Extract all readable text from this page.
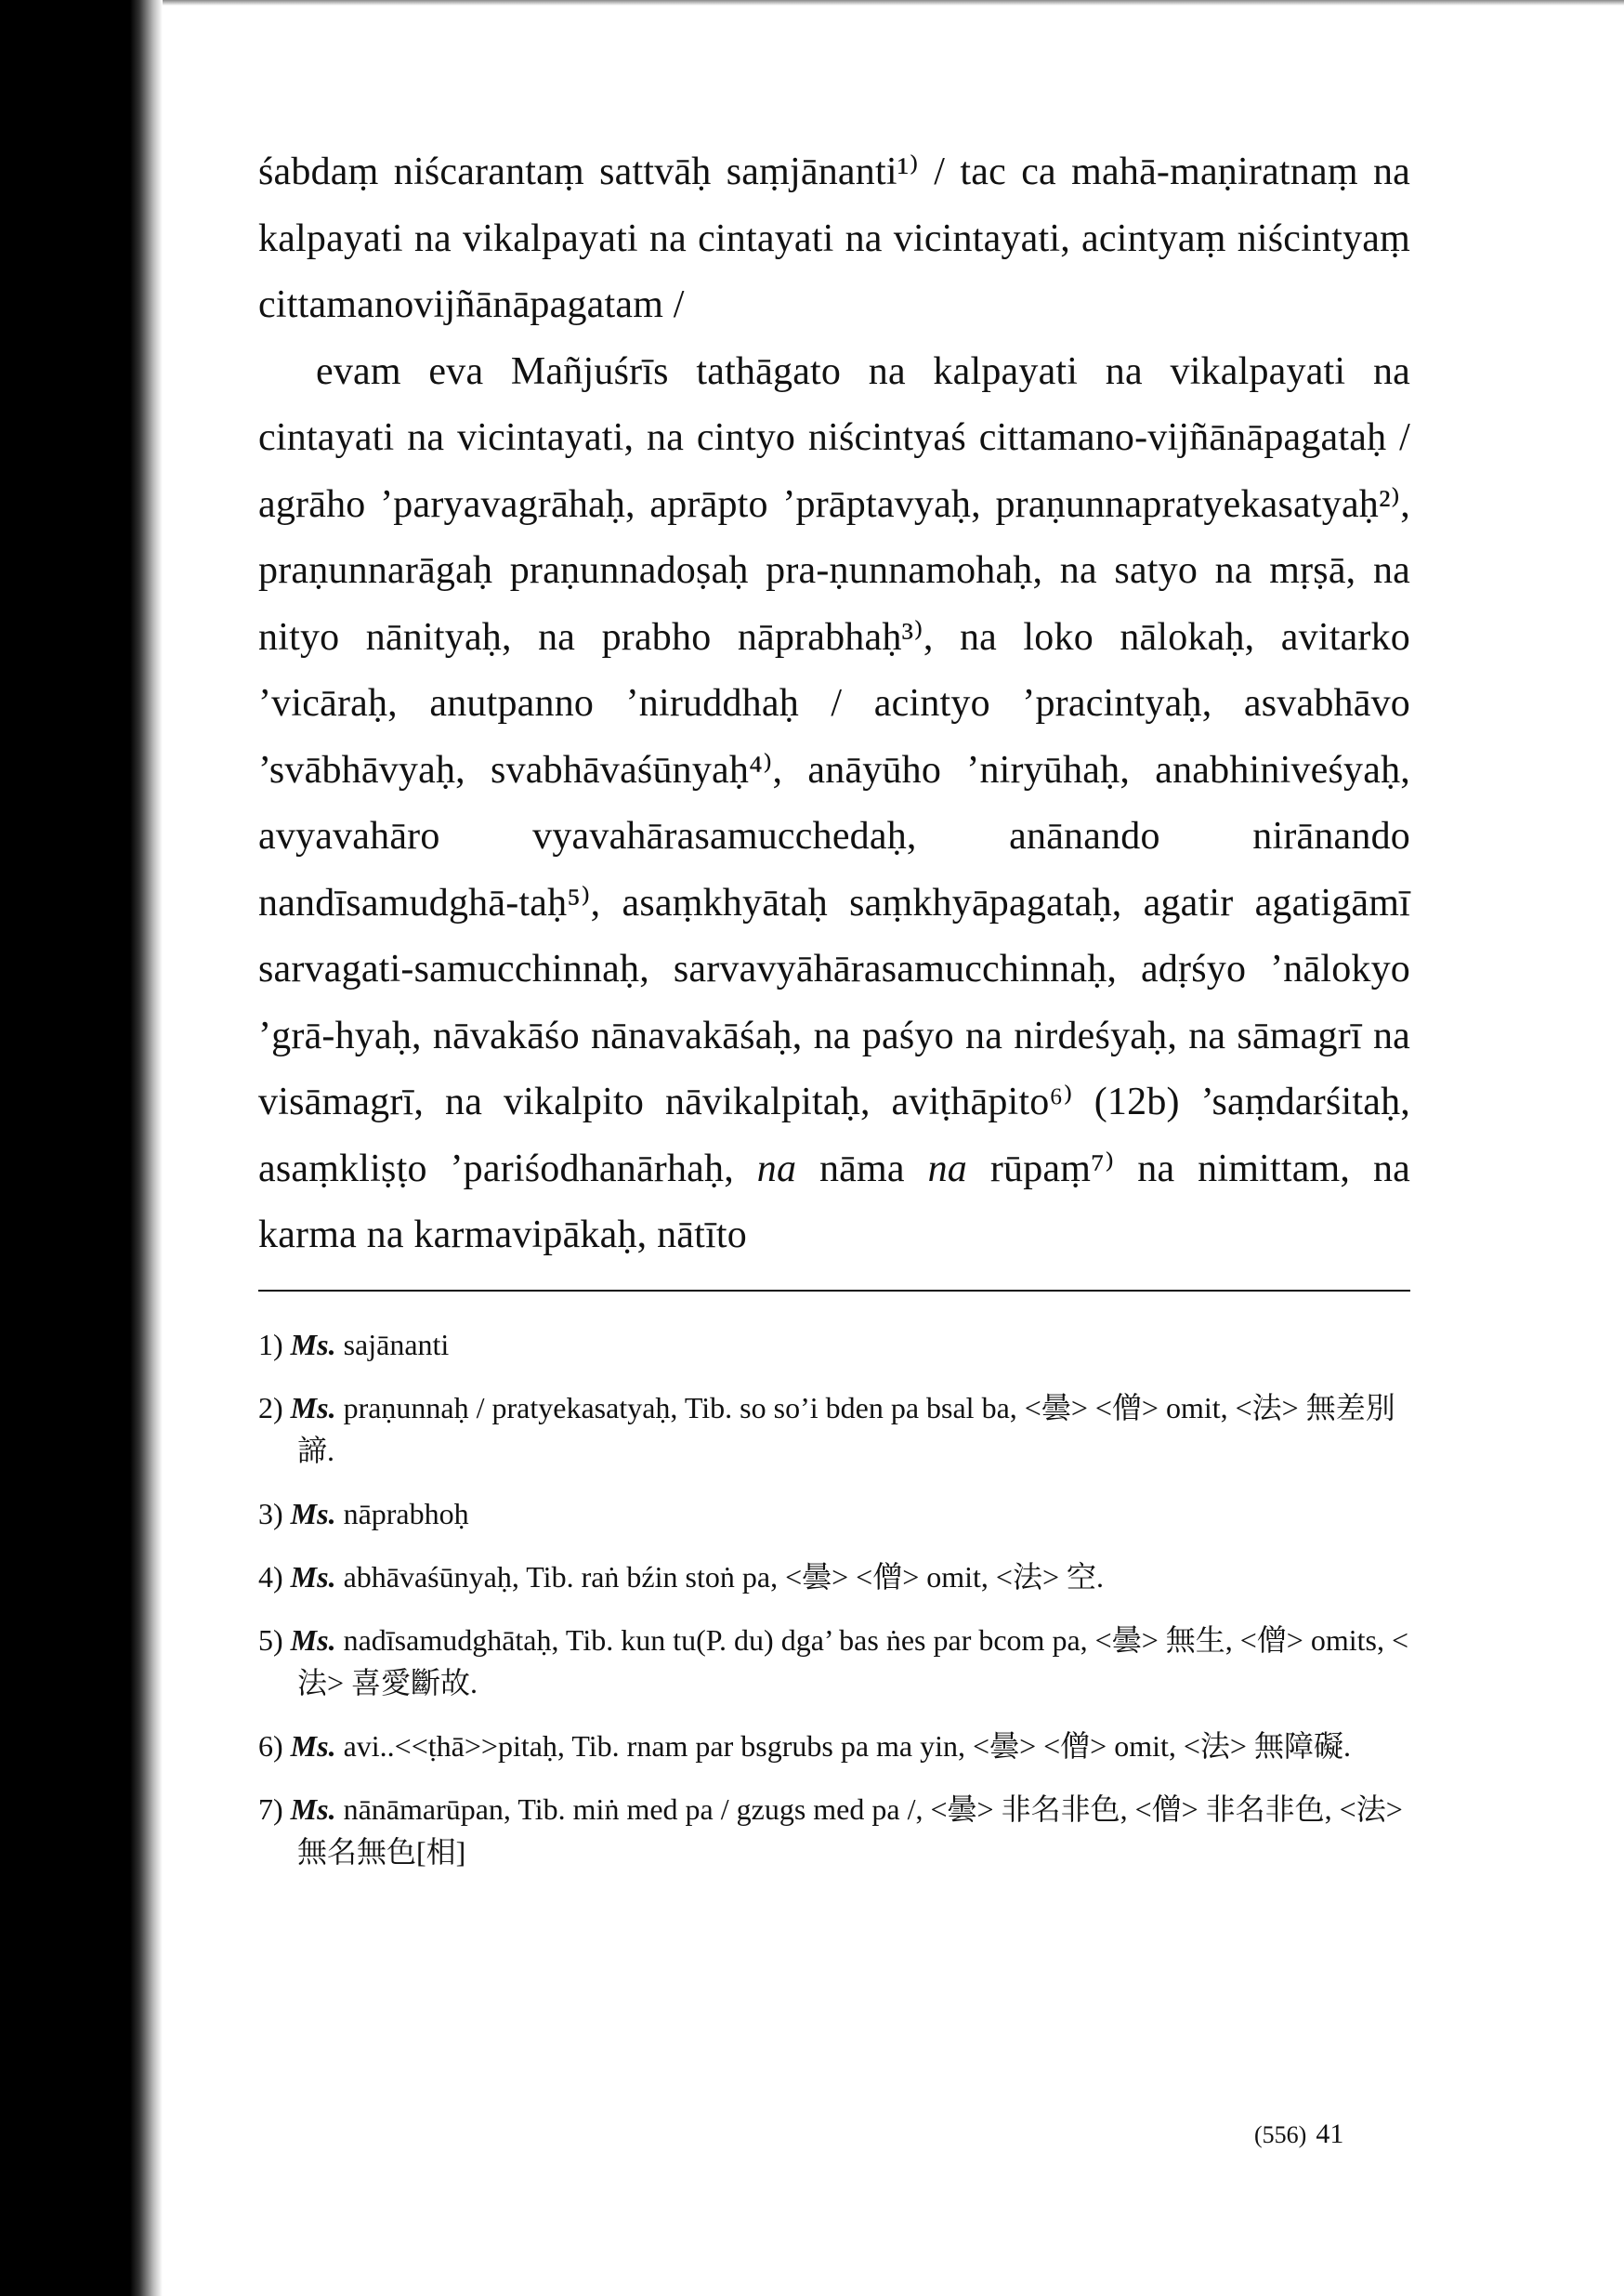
śabdaṃ niścarantaṃ sattvāḥ saṃjānanti¹⁾ / tac ca mahā-maṇiratnaṃ na kalpayati na vikalpayati na cintayati na vicintayati, acintyaṃ niścintyaṃ cittamanovijñānāpagatam /

evam eva Mañjuśrīs tathāgato na kalpayati na vikalpayati na cintayati na vicintayati, na cintyo niścintyaś cittamano-vijñānāpagataḥ / agrāho ’paryavagrāhaḥ, aprāpto ’prāptavyaḥ, praṇunnapratyekasatyaḥ²⁾, praṇunnarāgaḥ praṇunnadoṣaḥ pra-ṇunnamohaḥ, na satyo na mṛṣā, na nityo nānityaḥ, na prabho nāprabhaḥ³⁾, na loko nālokaḥ, avitarko ’vicāraḥ, anutpanno ’niruddhaḥ / acintyo ’pracintyaḥ, asvabhāvo ’svābhāvyaḥ, svabhāvaśūnyaḥ⁴⁾, anāyūho ’niryūhaḥ, anabhiniveśyaḥ, avyavahāro vyavahārasamucchedaḥ, anānando nirānando nandīsamudghā-taḥ⁵⁾, asaṃkhyātaḥ saṃkhyāpagataḥ, agatir agatigāmī sarvagati-samucchinnaḥ, sarvavyāhārasamucchinnaḥ, adṛśyo ’nālokyo ’grā-hyaḥ, nāvakāśo nānavakāśaḥ, na paśyo na nirdeśyaḥ, na sāmagrī na visāmagrī, na vikalpito nāvikalpitaḥ, aviṭhāpito⁶⁾ (12b) ’saṃdarśitaḥ, asaṃkliṣṭo ’pariśodhanārhaḥ, na nāma na rūpaṃ⁷⁾ na nimittam, na karma na karmavipākaḥ, nātīto

1) Ms. sajānanti
2) Ms. praṇunnaḥ / pratyekasatyaḥ, Tib. so so’i bden pa bsal ba, <曇> <僧> omit, <法> 無差別諦.
3) Ms. nāprabhoḥ
4) Ms. abhāvaśūnyaḥ, Tib. raṅ bźin stoṅ pa, <曇> <僧> omit, <法> 空.
5) Ms. nadīsamudghātaḥ, Tib. kun tu(P. du) dga’ bas ṅes par bcom pa, <曇> 無生, <僧> omits, <法> 喜愛斷故.
6) Ms. avi..<<ṭhā>>pitaḥ, Tib. rnam par bsgrubs pa ma yin, <曇> <僧> omit, <法> 無障礙.
7) Ms. nānāmarūpan, Tib. miṅ med pa / gzugs med pa /, <曇> 非名非色, <僧> 非名非色, <法> 無名無色[相]
(556) 41
